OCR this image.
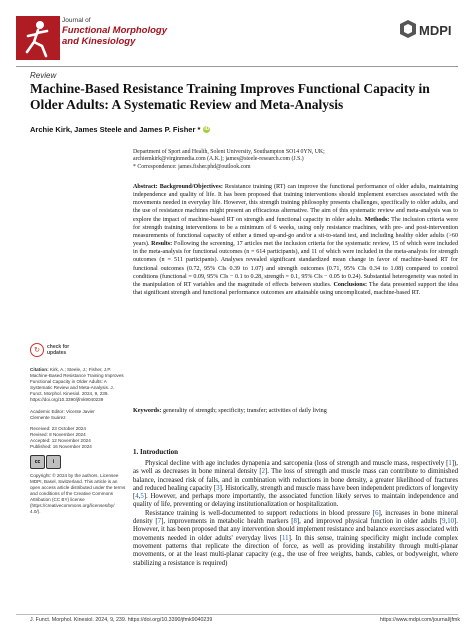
Journal of
Functional Morphology
and Kinesiology
MDPI
Review
Machine-Based Resistance Training Improves Functional Capacity in Older Adults: A Systematic Review and Meta-Analysis
Archie Kirk, James Steele and James P. Fisher * iD
Department of Sport and Health, Solent University, Southampton SO14 0YN, UK;
archiemkirk@virginmedia.com (A.K.); james@steele-research.com (J.S.)
* Correspondence: james.fisher.phd@outlook.com
Abstract: Background/Objectives: Resistance training (RT) can improve the functional performance of older adults, maintaining independence and quality of life. It has been proposed that training interventions should implement exercises associated with the movements needed in everyday life. However, this strength training philosophy presents challenges, specifically to older adults, and the use of resistance machines might present an efficacious alternative. The aim of this systematic review and meta-analysis was to explore the impact of machine-based RT on strength and functional capacity in older adults. Methods: The inclusion criteria were for strength training interventions to be a minimum of 6 weeks, using only resistance machines, with pre- and post-intervention measurements of functional capacity of either a timed up-and-go and/or a sit-to-stand test, and including healthy older adults (>60 years). Results: Following the screening, 17 articles met the inclusion criteria for the systematic review, 15 of which were included in the meta-analysis for functional outcomes (n = 614 participants), and 11 of which were included in the meta-analysis for strength outcomes (n = 511 participants). Analyses revealed significant standardized mean change in favor of machine-based RT for functional outcomes (0.72, 95% CIs 0.39 to 1.07) and strength outcomes (0.71, 95% CIs 0.34 to 1.08) compared to control conditions (functional = 0.09, 95% CIs − 0.1 to 0.28, strength = 0.1, 95% CIs − 0.05 to 0.24). Substantial heterogeneity was noted in the manipulation of RT variables and the magnitude of effects between studies. Conclusions: The data presented support the idea that significant strength and functional performance outcomes are attainable using uncomplicated, machine-based RT.
Keywords: generality of strength; specificity; transfer; activities of daily living
↻	check for
updates
Citation: Kirk, A.; Steele, J.; Fisher, J.P. Machine-Based Resistance Training Improves Functional Capacity in Older Adults: A Systematic Review and Meta-Analysis. J. Funct. Morphol. Kinesiol. 2024, 9, 239. https://doi.org/10.3390/jfmk9040239
Academic Editor: Vicente Javier
Clemente Suárez
Received: 23 October 2024
Revised: 8 November 2024
Accepted: 12 November 2024
Published: 16 November 2024
cc	i
Copyright: © 2024 by the authors. Licensee MDPI, Basel, Switzerland. This article is an open access article distributed under the terms and conditions of the Creative Commons Attribution (CC BY) license (https://creativecommons.org/licenses/by/ 4.0/).
1. Introduction

Physical decline with age includes dynapenia and sarcopenia (loss of strength and muscle mass, respectively [1]), as well as decreases in bone mineral density [2]. The loss of strength and muscle mass can contribute to diminished balance, increased risk of falls, and in combination with reductions in bone density, a greater likelihood of fractures and reduced healing capacity [3]. Historically, strength and muscle mass have been independent predictors of longevity [4,5]. However, and perhaps more importantly, the associated function likely serves to maintain independence and quality of life, preventing or delaying institutionalization or hospitalization.

Resistance training is well-documented to support reductions in blood pressure [6], increases in bone mineral density [7], improvements in metabolic health markers [8], and improved physical function in older adults [9,10]. However, it has been proposed that any intervention should implement resistance and balance exercises associated with movements needed in older adults' everyday lives [11]. In this sense, training specificity might include complex movement patterns that replicate the direction of force, as well as providing instability through multi-planar movements, or at the least multi-planar capacity (e.g., the use of free weights, bands, cables, or bodyweight, where stabilizing a resistance is required)

J. Funct. Morphol. Kinesiol. 2024, 9, 239. https://doi.org/10.3390/jfmk9040239	https://www.mdpi.com/journal/jfmk
